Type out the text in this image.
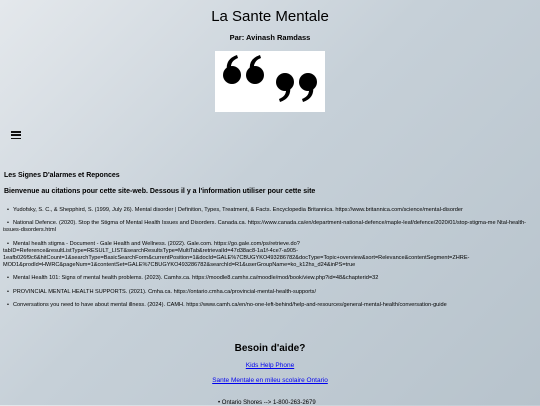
La Sante Mentale
Par: Avinash Ramdass
Les Signes D'alarmes et Reponces
Bienvenue au citations pour cette site-web. Dessous il y a l'information utiliser pour cette site
• Yudofsky, S. C., & Shepphird, S. (1999, July 26). Mental disorder | Definition, Types, Treatment, & Facts. Encyclopedia Britannica. https://www.britannica.com/science/mental-disorder
• National Defence. (2020). Stop the Stigma of Mental Health Issues and Disorders. Canada.ca. https://www.canada.ca/en/department-national-defence/maple-leaf/defence/2020/01/stop-stigma-me Ntal-health-issues-disorders.html
• Mental health stigma - Document - Gale Health and Wellness. (2022). Gale.com. https://go.gale.com/ps/retrieve.do?tabID=Reference&resultListType=RESULT_LIST&searchResultsType=MultiTab&retrievalId=47d38ac8-1a1f-4ce7-a905-1eafb026f9c6&hitCount=1&searchType=BasicSearchForm&currentPosition=1&docId=GALE%7CBUGYKO493286782&docType=Topic+overview&sort=Relevance&contentSegment=ZHRE-MOD1&prodId=HWRC&pageNum=1&contentSet=GALE%7CBUGYKO493286782&searchId=R1&userGroupName=ko_k12hs_d24&inPS=true
• Mental Health 101: Signs of mental health problems. (2023). Camhx.ca. https://moodle8.camhx.ca/moodle/mod/book/view.php?id=48&chapterid=32
• PROVINCIAL MENTAL HEALTH SUPPORTS. (2021). Cmha.ca. https://ontario.cmha.ca/provincial-mental-health-supports/
• Conversations you need to have about mental illness. (2024). CAMH. https://www.camh.ca/en/no-one-left-behind/help-and-resources/general-mental-health/conversation-guide
Besoin d'aide?
Kids Help Phone
Sante Mentale en mileu scolaire Ontario
• Ontario Shores --> 1-800-263-2679
